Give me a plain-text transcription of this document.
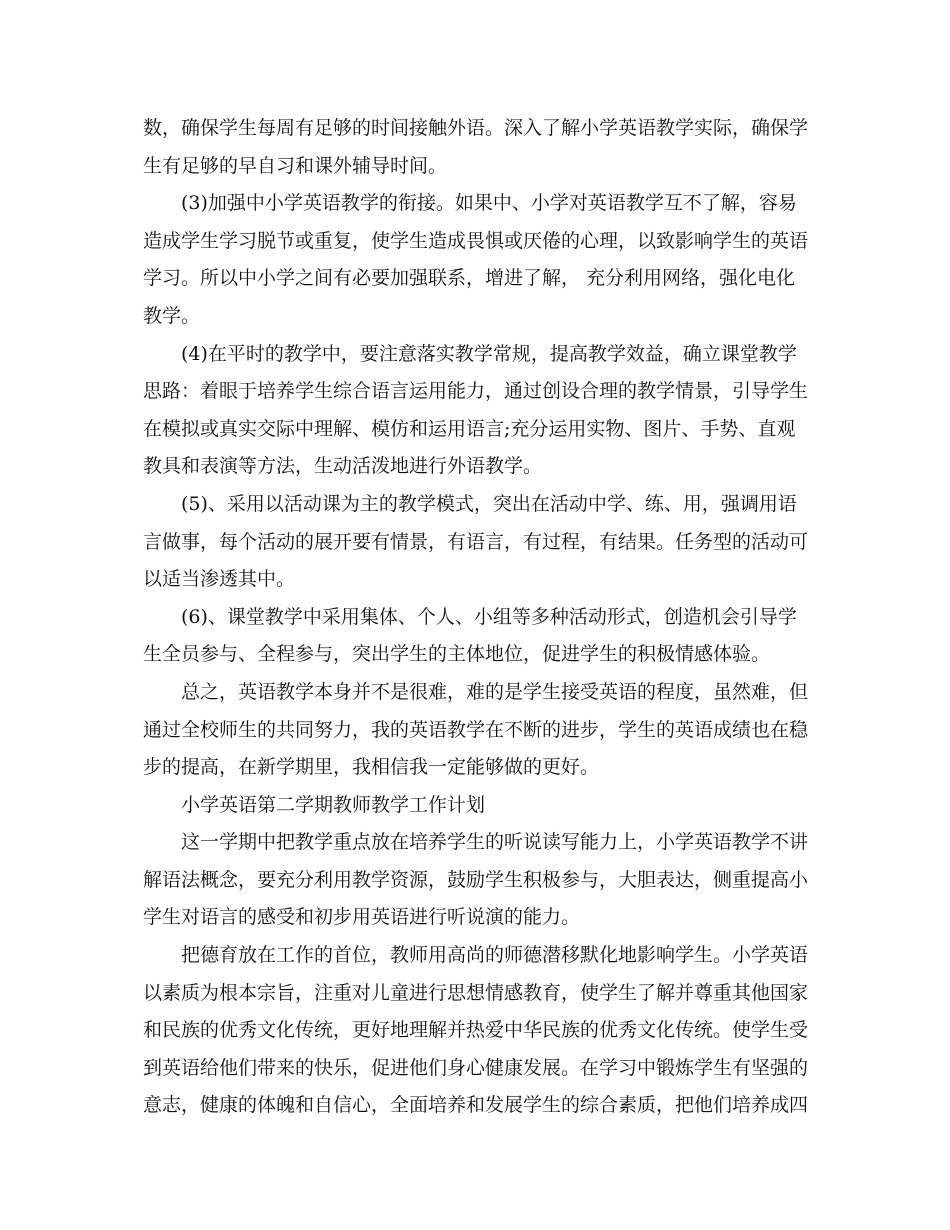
数，确保学生每周有足够的时间接触外语。深入了解小学英语教学实际，确保学生有足够的早自习和课外辅导时间。

(3)加强中小学英语教学的衔接。如果中、小学对英语教学互不了解，容易造成学生学习脱节或重复，使学生造成畏惧或厌倦的心理，以致影响学生的英语学习。所以中小学之间有必要加强联系，增进了解， 充分利用网络，强化电化教学。

(4)在平时的教学中，要注意落实教学常规，提高教学效益，确立课堂教学思路：着眼于培养学生综合语言运用能力，通过创设合理的教学情景，引导学生在模拟或真实交际中理解、模仿和运用语言;充分运用实物、图片、手势、直观教具和表演等方法，生动活泼地进行外语教学。

(5)、采用以活动课为主的教学模式，突出在活动中学、练、用，强调用语言做事，每个活动的展开要有情景，有语言，有过程，有结果。任务型的活动可以适当渗透其中。

(6)、课堂教学中采用集体、个人、小组等多种活动形式，创造机会引导学生全员参与、全程参与，突出学生的主体地位，促进学生的积极情感体验。

总之，英语教学本身并不是很难，难的是学生接受英语的程度，虽然难，但通过全校师生的共同努力，我的英语教学在不断的进步，学生的英语成绩也在稳步的提高，在新学期里，我相信我一定能够做的更好。

小学英语第二学期教师教学工作计划

这一学期中把教学重点放在培养学生的听说读写能力上，小学英语教学不讲解语法概念，要充分利用教学资源，鼓励学生积极参与，大胆表达，侧重提高小学生对语言的感受和初步用英语进行听说演的能力。

把德育放在工作的首位，教师用高尚的师德潜移默化地影响学生。小学英语以素质为根本宗旨，注重对儿童进行思想情感教育，使学生了解并尊重其他国家和民族的优秀文化传统，更好地理解并热爱中华民族的优秀文化传统。使学生受到英语给他们带来的快乐，促进他们身心健康发展。在学习中锻炼学生有坚强的意志，健康的体魄和自信心，全面培养和发展学生的综合素质，把他们培养成四
